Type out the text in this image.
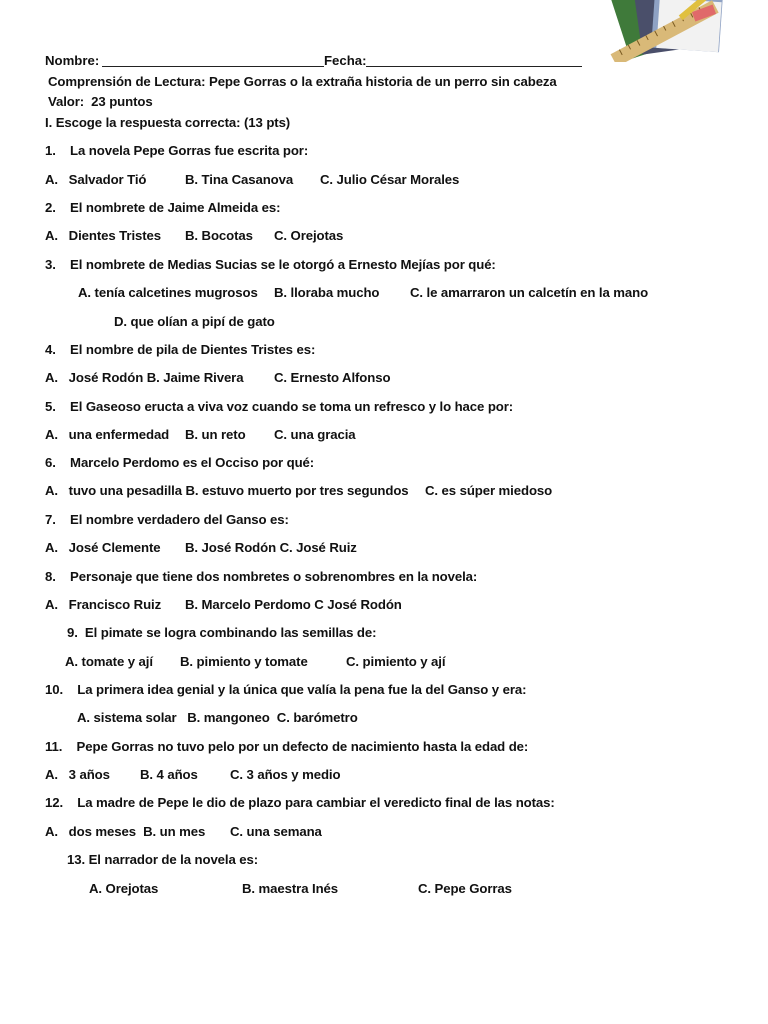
Nombre:	Fecha:
Comprensión de Lectura: Pepe Gorras o la extraña historia de un perro sin cabeza
Valor:  23 puntos
I. Escoge la respuesta correcta: (13 pts)
1.    La novela Pepe Gorras fue escrita por:
A.   Salvador Tió	B. Tina Casanova C. Julio César Morales
2.    El nombrete de Jaime Almeida es:
A.   Dientes Tristes B. Bocotas C. Orejotas
3.    El nombrete de Medias Sucias se le otorgó a Ernesto Mejías por qué:
A. tenía calcetines mugrosos B. lloraba mucho C. le amarraron un calcetín en la mano
D. que olían a pipí de gato
4.    El nombre de pila de Dientes Tristes es:
A.   José Rodón B. Jaime Rivera C. Ernesto Alfonso
5.    El Gaseoso eructa a viva voz cuando se toma un refresco y lo hace por:
A.   una enfermedad B. un reto C. una gracia
6.    Marcelo Perdomo es el Occiso por qué:
A.   tuvo una pesadilla B. estuvo muerto por tres segundos C. es súper miedoso
7.    El nombre verdadero del Ganso es:
A.   José Clemente B. José Rodón C. José Ruiz
8.    Personaje que tiene dos nombretes o sobrenombres en la novela:
A.   Francisco Ruiz B. Marcelo Perdomo C José Rodón
9.  El pimate se logra combinando las semillas de:
A. tomate y ají B. pimiento y tomate	C. pimiento y ají
10.    La primera idea genial y la única que valía la pena fue la del Ganso y era:
A. sistema solar   B. mangoneo  C. barómetro
11.    Pepe Gorras no tuvo pelo por un defecto de nacimiento hasta la edad de:
A.   3 años B. 4 años C. 3 años y medio
12.    La madre de Pepe le dio de plazo para cambiar el veredicto final de las notas:
A.   dos meses  B. un mes C. una semana
13. El narrador de la novela es:
A. Orejotas	B. maestra Inés	C. Pepe Gorras
